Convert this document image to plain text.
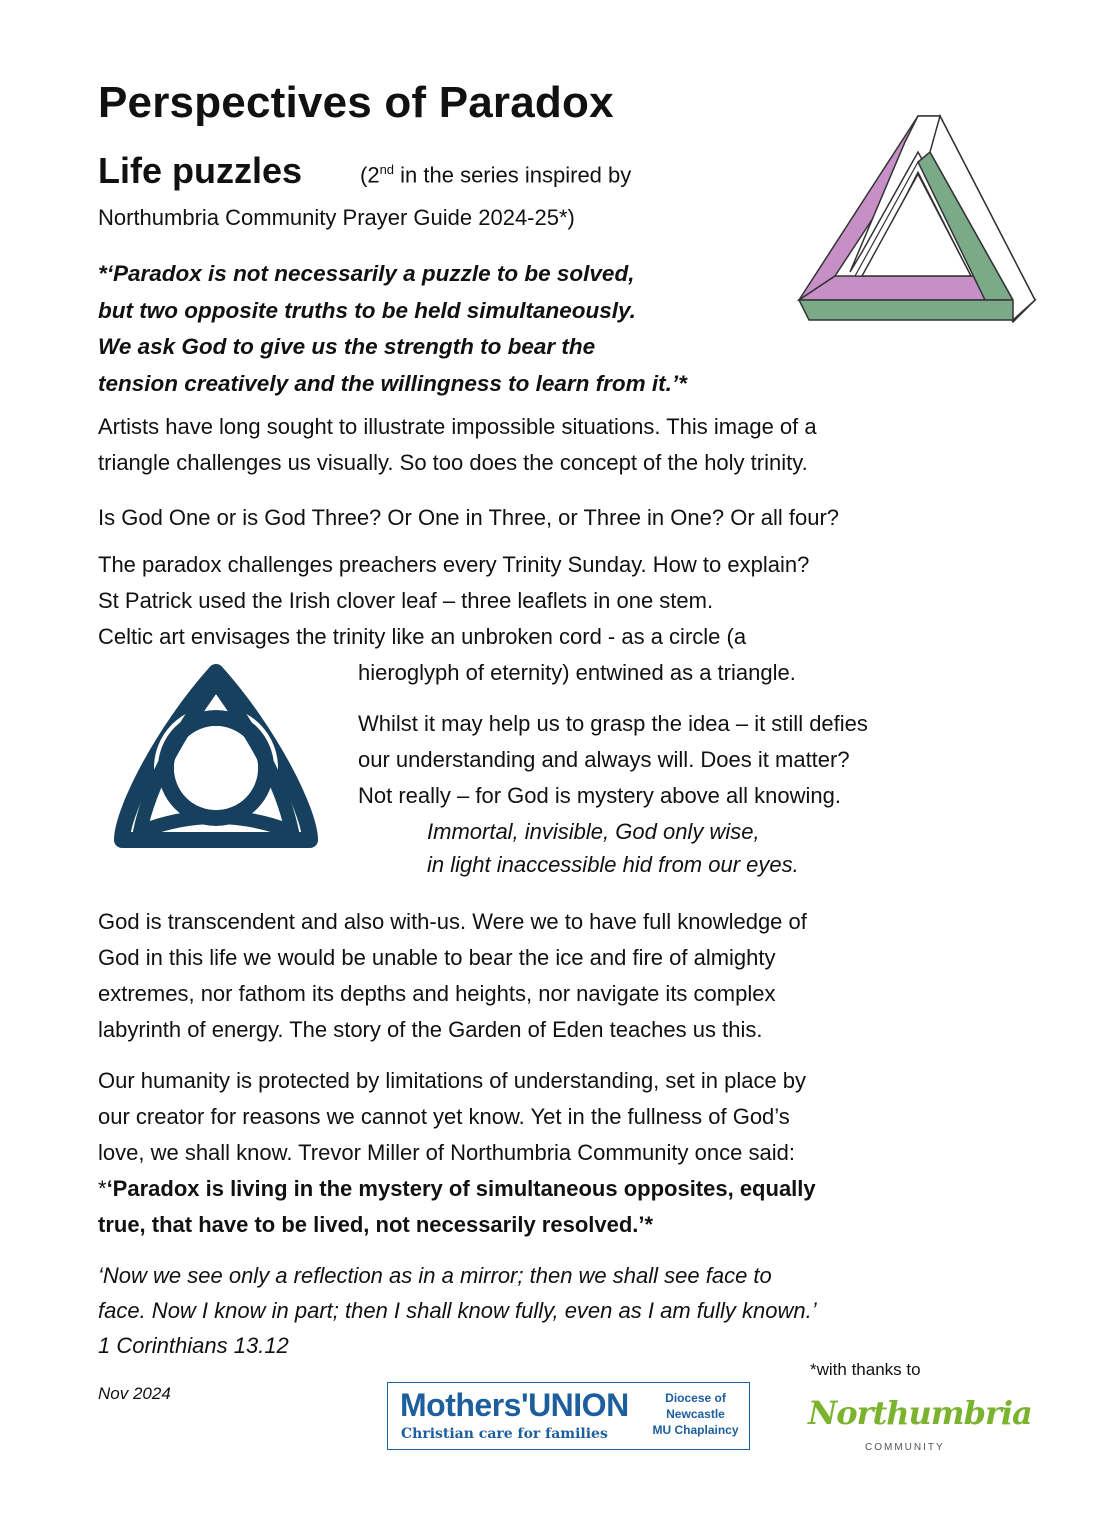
Perspectives of Paradox
Life puzzles	(2nd in the series inspired by
Northumbria Community Prayer Guide 2024-25*)
*‘Paradox is not necessarily a puzzle to be solved,
but two opposite truths to be held simultaneously.
We ask God to give us the strength to bear the
tension creatively and the willingness to learn from it.’*
Artists have long sought to illustrate impossible situations. This image of a
triangle challenges us visually. So too does the concept of the holy trinity.
Is God One or is God Three? Or One in Three, or Three in One? Or all four?
The paradox challenges preachers every Trinity Sunday. How to explain?
St Patrick used the Irish clover leaf – three leaflets in one stem.
Celtic art envisages the trinity like an unbroken cord - as a circle (a
hieroglyph of eternity) entwined as a triangle.
Whilst it may help us to grasp the idea – it still defies
our understanding and always will. Does it matter?
Not really – for God is mystery above all knowing.
Immortal, invisible, God only wise,
in light inaccessible hid from our eyes.
God is transcendent and also with-us. Were we to have full knowledge of
God in this life we would be unable to bear the ice and fire of almighty
extremes, nor fathom its depths and heights, nor navigate its complex
labyrinth of energy. The story of the Garden of Eden teaches us this.
Our humanity is protected by limitations of understanding, set in place by
our creator for reasons we cannot yet know. Yet in the fullness of God’s
love, we shall know. Trevor Miller of Northumbria Community once said:
*‘Paradox is living in the mystery of simultaneous opposites, equally
true, that have to be lived, not necessarily resolved.’*
‘Now we see only a reflection as in a mirror; then we shall see face to
face. Now I know in part; then I shall know fully, even as I am fully known.’
1 Corinthians 13.12
Nov 2024	Mothers'UNION
Christian care for families
Diocese of
Newcastle
MU Chaplaincy
*with thanks to
Northumbria
COMMUNITY
